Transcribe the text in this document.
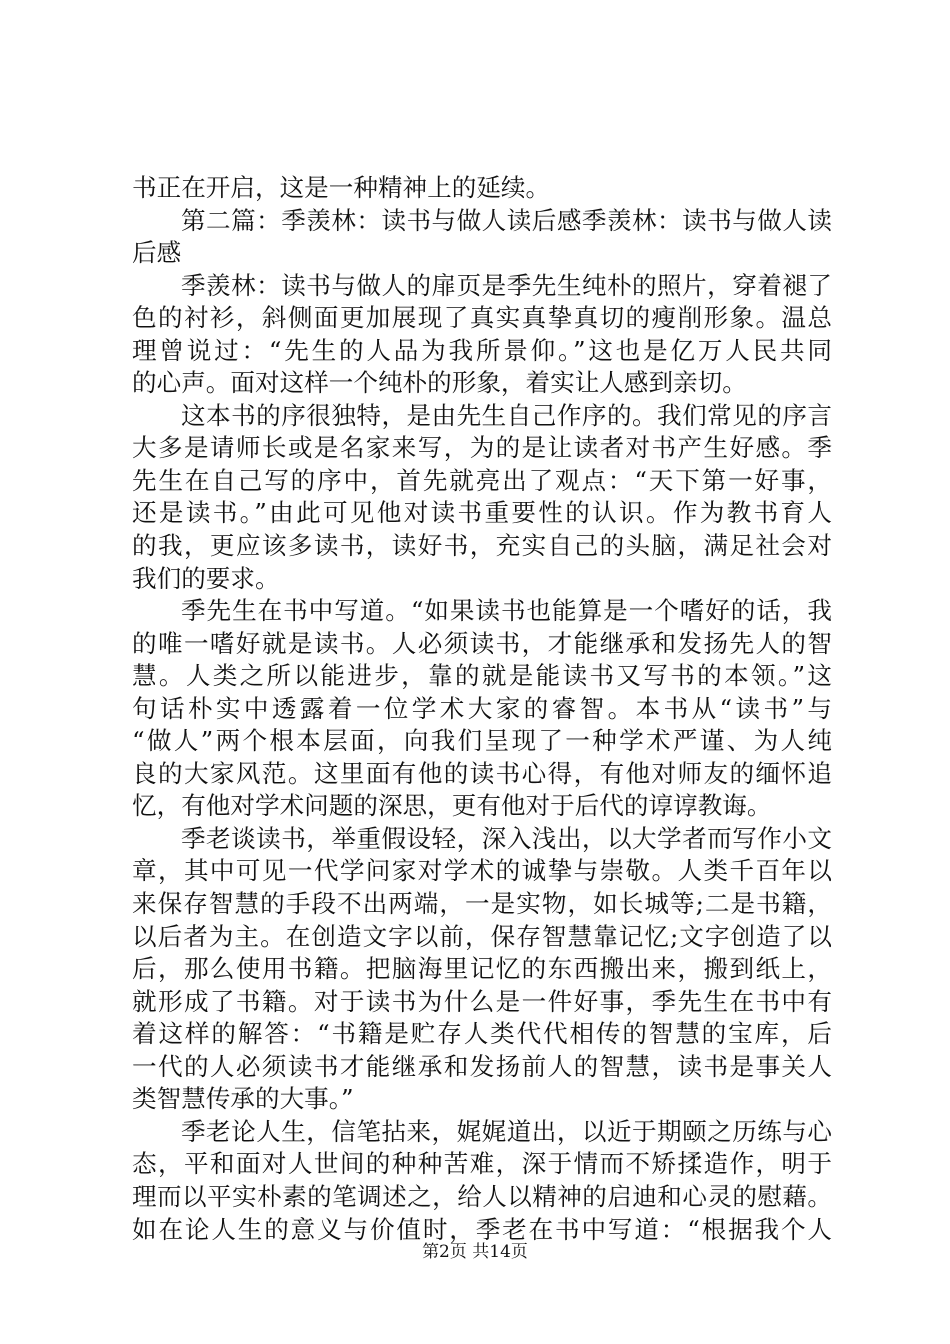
书正在开启，这是一种精神上的延续。
第二篇：季羡林：读书与做人读后感季羡林：读书与做人读
后感
季羡林：读书与做人的扉页是季先生纯朴的照片，穿着褪了
色的衬衫，斜侧面更加展现了真实真挚真切的瘦削形象。温总
理曾说过：“先生的人品为我所景仰。”这也是亿万人民共同
的心声。面对这样一个纯朴的形象，着实让人感到亲切。
这本书的序很独特，是由先生自己作序的。我们常见的序言
大多是请师长或是名家来写，为的是让读者对书产生好感。季
先生在自己写的序中，首先就亮出了观点：“天下第一好事，
还是读书。”由此可见他对读书重要性的认识。作为教书育人
的我，更应该多读书，读好书，充实自己的头脑，满足社会对
我们的要求。
季先生在书中写道。“如果读书也能算是一个嗜好的话，我
的唯一嗜好就是读书。人必须读书，才能继承和发扬先人的智
慧。人类之所以能进步，靠的就是能读书又写书的本领。”这
句话朴实中透露着一位学术大家的睿智。本书从“读书”与
“做人”两个根本层面，向我们呈现了一种学术严谨、为人纯
良的大家风范。这里面有他的读书心得，有他对师友的缅怀追
忆，有他对学术问题的深思，更有他对于后代的谆谆教诲。
季老谈读书，举重假设轻，深入浅出，以大学者而写作小文
章，其中可见一代学问家对学术的诚挚与崇敬。人类千百年以
来保存智慧的手段不出两端，一是实物，如长城等;二是书籍，
以后者为主。在创造文字以前，保存智慧靠记忆;文字创造了以
后，那么使用书籍。把脑海里记忆的东西搬出来，搬到纸上，
就形成了书籍。对于读书为什么是一件好事，季先生在书中有
着这样的解答：“书籍是贮存人类代代相传的智慧的宝库，后
一代的人必须读书才能继承和发扬前人的智慧，读书是事关人
类智慧传承的大事。”
季老论人生，信笔拈来，娓娓道出，以近于期颐之历练与心
态，平和面对人世间的种种苦难，深于情而不矫揉造作，明于
理而以平实朴素的笔调述之，给人以精神的启迪和心灵的慰藉。
如在论人生的意义与价值时，季老在书中写道：“根据我个人
第2页 共14页
